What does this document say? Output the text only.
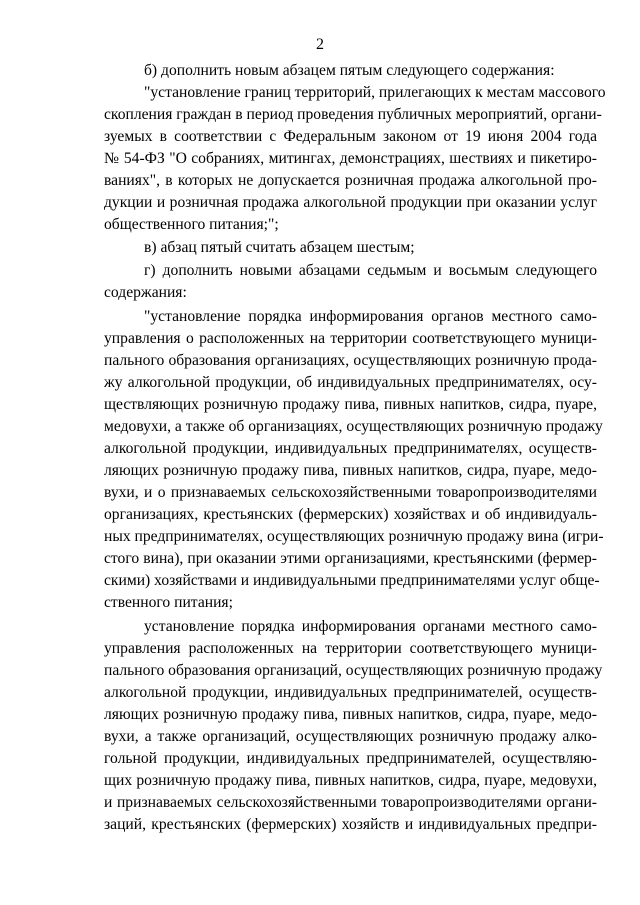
2
б) дополнить новым абзацем пятым следующего содержания:
"установление границ территорий, прилегающих к местам массового
скопления граждан в период проведения публичных мероприятий, органи-
зуемых в соответствии с Федеральным законом от 19 июня 2004 года
№ 54-ФЗ "О собраниях, митингах, демонстрациях, шествиях и пикетиро-
ваниях", в которых не допускается розничная продажа алкогольной про-
дукции и розничная продажа алкогольной продукции при оказании услуг
общественного питания;";
в) абзац пятый считать абзацем шестым;
г) дополнить новыми абзацами седьмым и восьмым следующего
содержания:
"установление порядка информирования органов местного само-
управления о расположенных на территории соответствующего муници-
пального образования организациях, осуществляющих розничную прода-
жу алкогольной продукции, об индивидуальных предпринимателях, осу-
ществляющих розничную продажу пива, пивных напитков, сидра, пуаре,
медовухи, а также об организациях, осуществляющих розничную продажу
алкогольной продукции, индивидуальных предпринимателях, осуществ-
ляющих розничную продажу пива, пивных напитков, сидра, пуаре, медо-
вухи, и о признаваемых сельскохозяйственными товаропроизводителями
организациях, крестьянских (фермерских) хозяйствах и об индивидуаль-
ных предпринимателях, осуществляющих розничную продажу вина (игри-
стого вина), при оказании этими организациями, крестьянскими (фермер-
скими) хозяйствами и индивидуальными предпринимателями услуг обще-
ственного питания;
установление порядка информирования органами местного само-
управления расположенных на территории соответствующего муници-
пального образования организаций, осуществляющих розничную продажу
алкогольной продукции, индивидуальных предпринимателей, осуществ-
ляющих розничную продажу пива, пивных напитков, сидра, пуаре, медо-
вухи, а также организаций, осуществляющих розничную продажу алко-
гольной продукции, индивидуальных предпринимателей, осуществляю-
щих розничную продажу пива, пивных напитков, сидра, пуаре, медовухи,
и признаваемых сельскохозяйственными товаропроизводителями органи-
заций, крестьянских (фермерских) хозяйств и индивидуальных предпри-
